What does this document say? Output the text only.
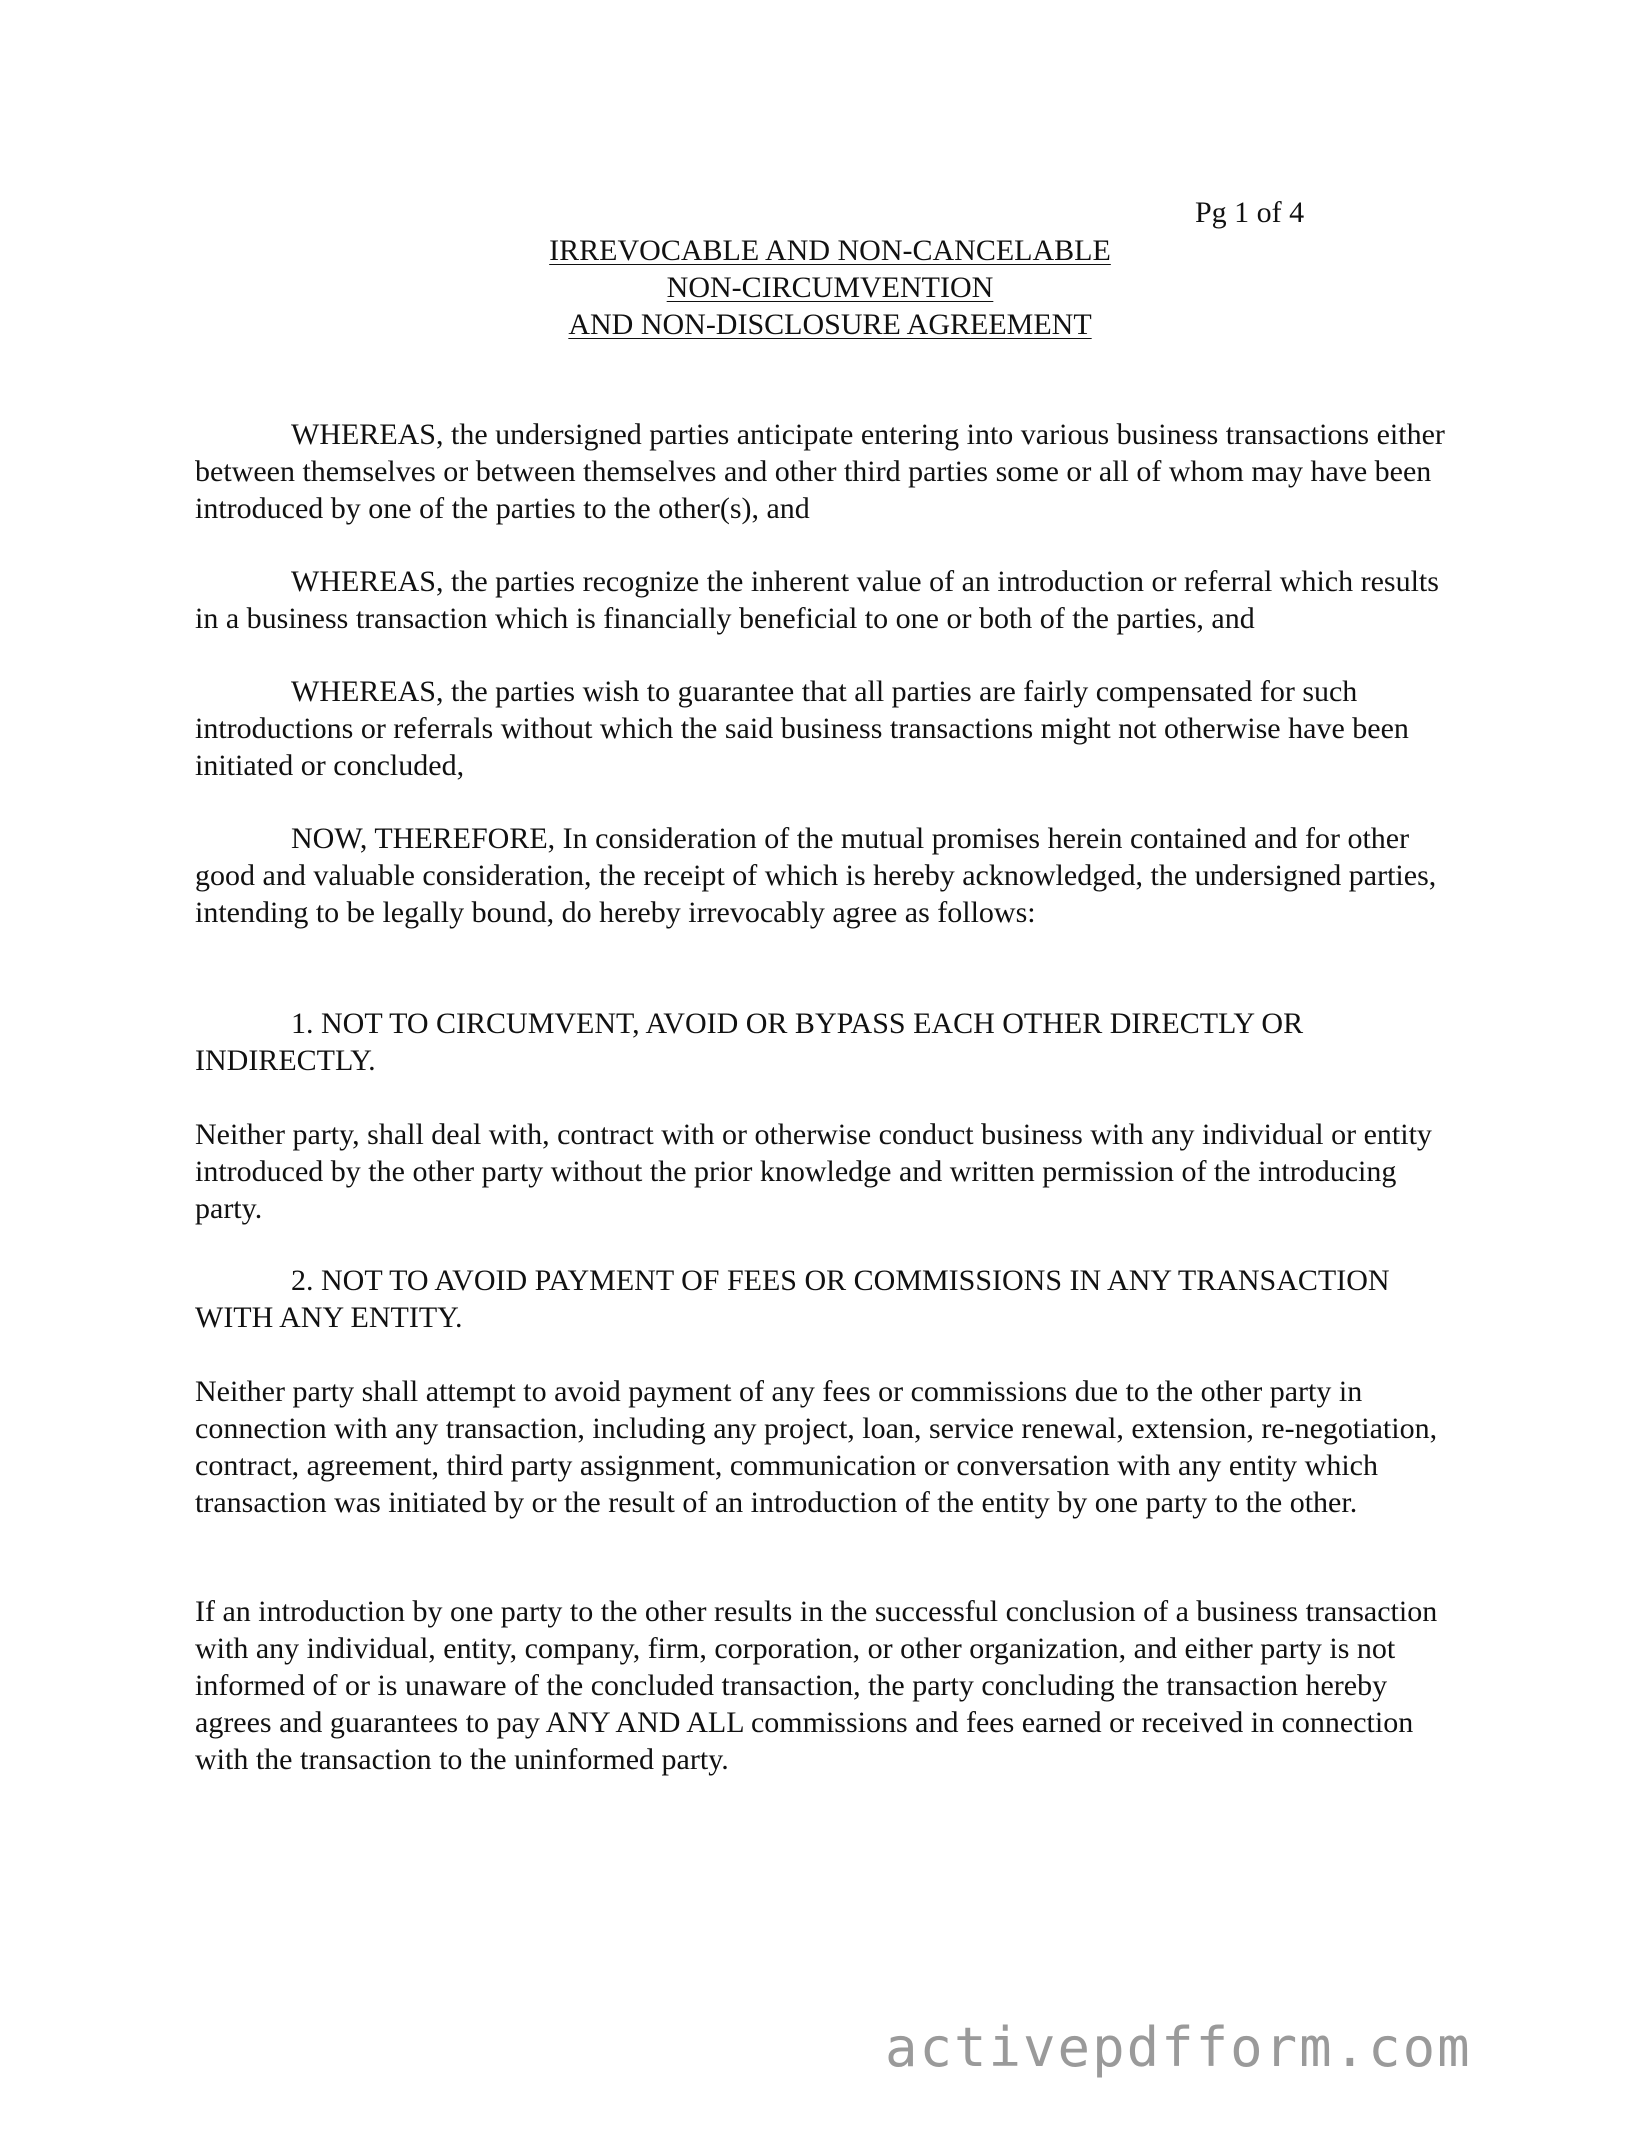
Pg 1 of 4
IRREVOCABLE AND NON-CANCELABLE
NON-CIRCUMVENTION
AND NON-DISCLOSURE AGREEMENT

WHEREAS, the undersigned parties anticipate entering into various business transactions either between themselves or between themselves and other third parties some or all of whom may have been introduced by one of the parties to the other(s), and

WHEREAS, the parties recognize the inherent value of an introduction or referral which results in a business transaction which is financially beneficial to one or both of the parties, and

WHEREAS, the parties wish to guarantee that all parties are fairly compensated for such introductions or referrals without which the said business transactions might not otherwise have been initiated or concluded,

NOW, THEREFORE, In consideration of the mutual promises herein contained and for other good and valuable consideration, the receipt of which is hereby acknowledged, the undersigned parties, intending to be legally bound, do hereby irrevocably agree as follows:

1. NOT TO CIRCUMVENT, AVOID OR BYPASS EACH OTHER DIRECTLY OR INDIRECTLY.

Neither party, shall deal with, contract with or otherwise conduct business with any individual or entity introduced by the other party without the prior knowledge and written permission of the introducing party.

2. NOT TO AVOID PAYMENT OF FEES OR COMMISSIONS IN ANY TRANSACTION WITH ANY ENTITY.

Neither party shall attempt to avoid payment of any fees or commissions due to the other party in connection with any transaction, including any project, loan, service renewal, extension, re-negotiation, contract, agreement, third party assignment, communication or conversation with any entity which transaction was initiated by or the result of an introduction of the entity by one party to the other.

If an introduction by one party to the other results in the successful conclusion of a business transaction with any individual, entity, company, firm, corporation, or other organization, and either party is not informed of or is unaware of the concluded transaction, the party concluding the transaction hereby agrees and guarantees to pay ANY AND ALL commissions and fees earned or received in connection with the transaction to the uninformed party.

activepdfform.com
